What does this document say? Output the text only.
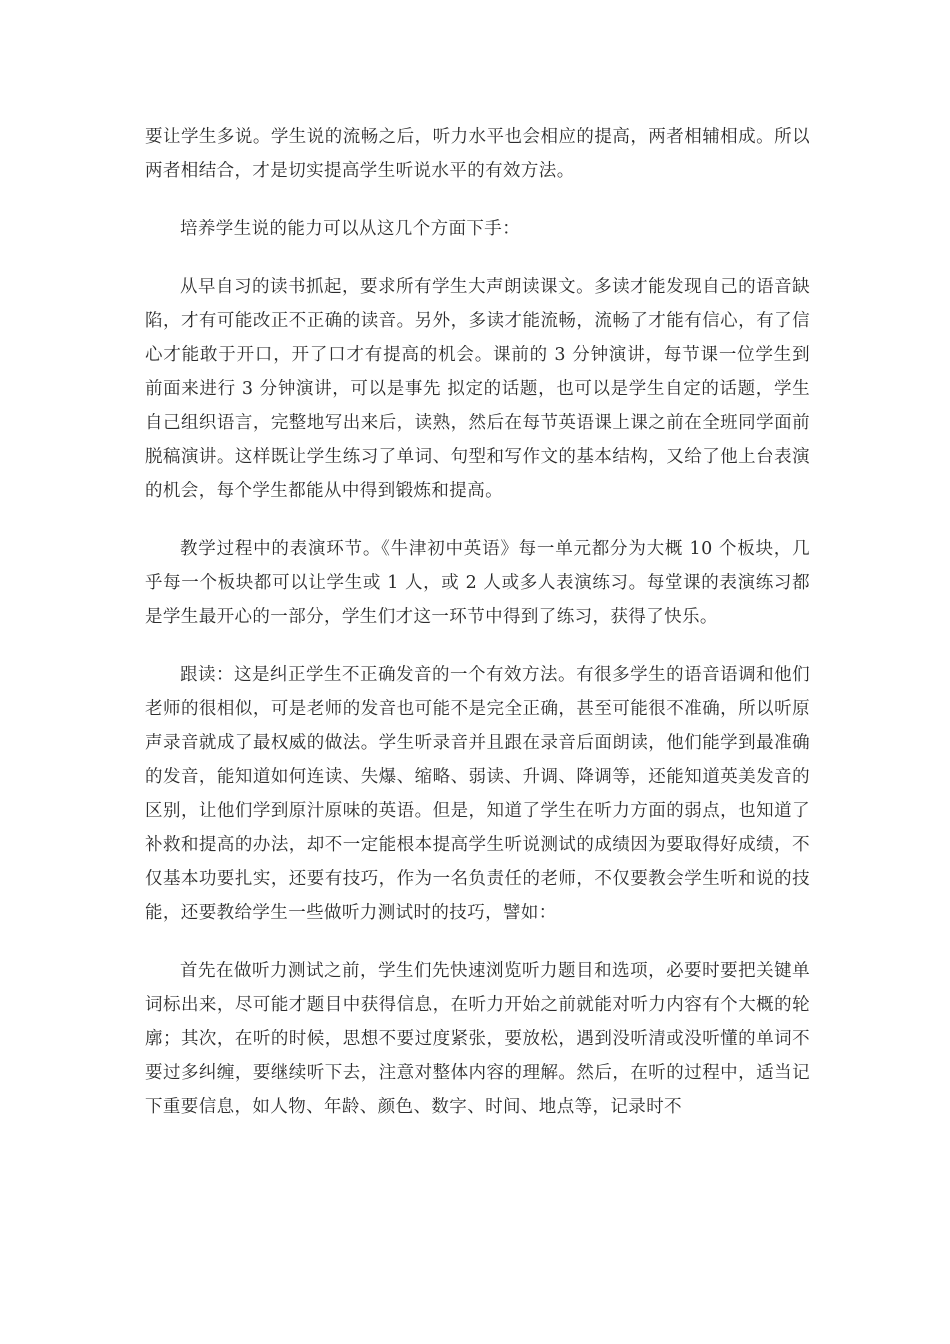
要让学生多说。学生说的流畅之后，听力水平也会相应的提高，两者相辅相成。所以两者相结合，才是切实提高学生听说水平的有效方法。

培养学生说的能力可以从这几个方面下手：

从早自习的读书抓起，要求所有学生大声朗读课文。多读才能发现自己的语音缺陷，才有可能改正不正确的读音。另外，多读才能流畅，流畅了才能有信心，有了信心才能敢于开口，开了口才有提高的机会。课前的 3 分钟演讲，每节课一位学生到前面来进行 3 分钟演讲，可以是事先 拟定的话题，也可以是学生自定的话题，学生自己组织语言，完整地写出来后，读熟，然后在每节英语课上课之前在全班同学面前脱稿演讲。这样既让学生练习了单词、句型和写作文的基本结构，又给了他上台表演的机会，每个学生都能从中得到锻炼和提高。

教学过程中的表演环节。《牛津初中英语》每一单元都分为大概 10 个板块，几乎每一个板块都可以让学生或 1 人，或 2 人或多人表演练习。每堂课的表演练习都是学生最开心的一部分，学生们才这一环节中得到了练习，获得了快乐。

跟读：这是纠正学生不正确发音的一个有效方法。有很多学生的语音语调和他们老师的很相似，可是老师的发音也可能不是完全正确，甚至可能很不准确，所以听原声录音就成了最权威的做法。学生听录音并且跟在录音后面朗读，他们能学到最准确的发音，能知道如何连读、失爆、缩略、弱读、升调、降调等，还能知道英美发音的区别，让他们学到原汁原味的英语。但是，知道了学生在听力方面的弱点，也知道了补救和提高的办法，却不一定能根本提高学生听说测试的成绩因为要取得好成绩，不仅基本功要扎实，还要有技巧，作为一名负责任的老师，不仅要教会学生听和说的技能，还要教给学生一些做听力测试时的技巧，譬如：

首先在做听力测试之前，学生们先快速浏览听力题目和选项，必要时要把关键单词标出来，尽可能才题目中获得信息，在听力开始之前就能对听力内容有个大概的轮廓；其次，在听的时候，思想不要过度紧张，要放松，遇到没听清或没听懂的单词不要过多纠缠，要继续听下去，注意对整体内容的理解。然后，在听的过程中，适当记下重要信息，如人物、年龄、颜色、数字、时间、地点等，记录时不
